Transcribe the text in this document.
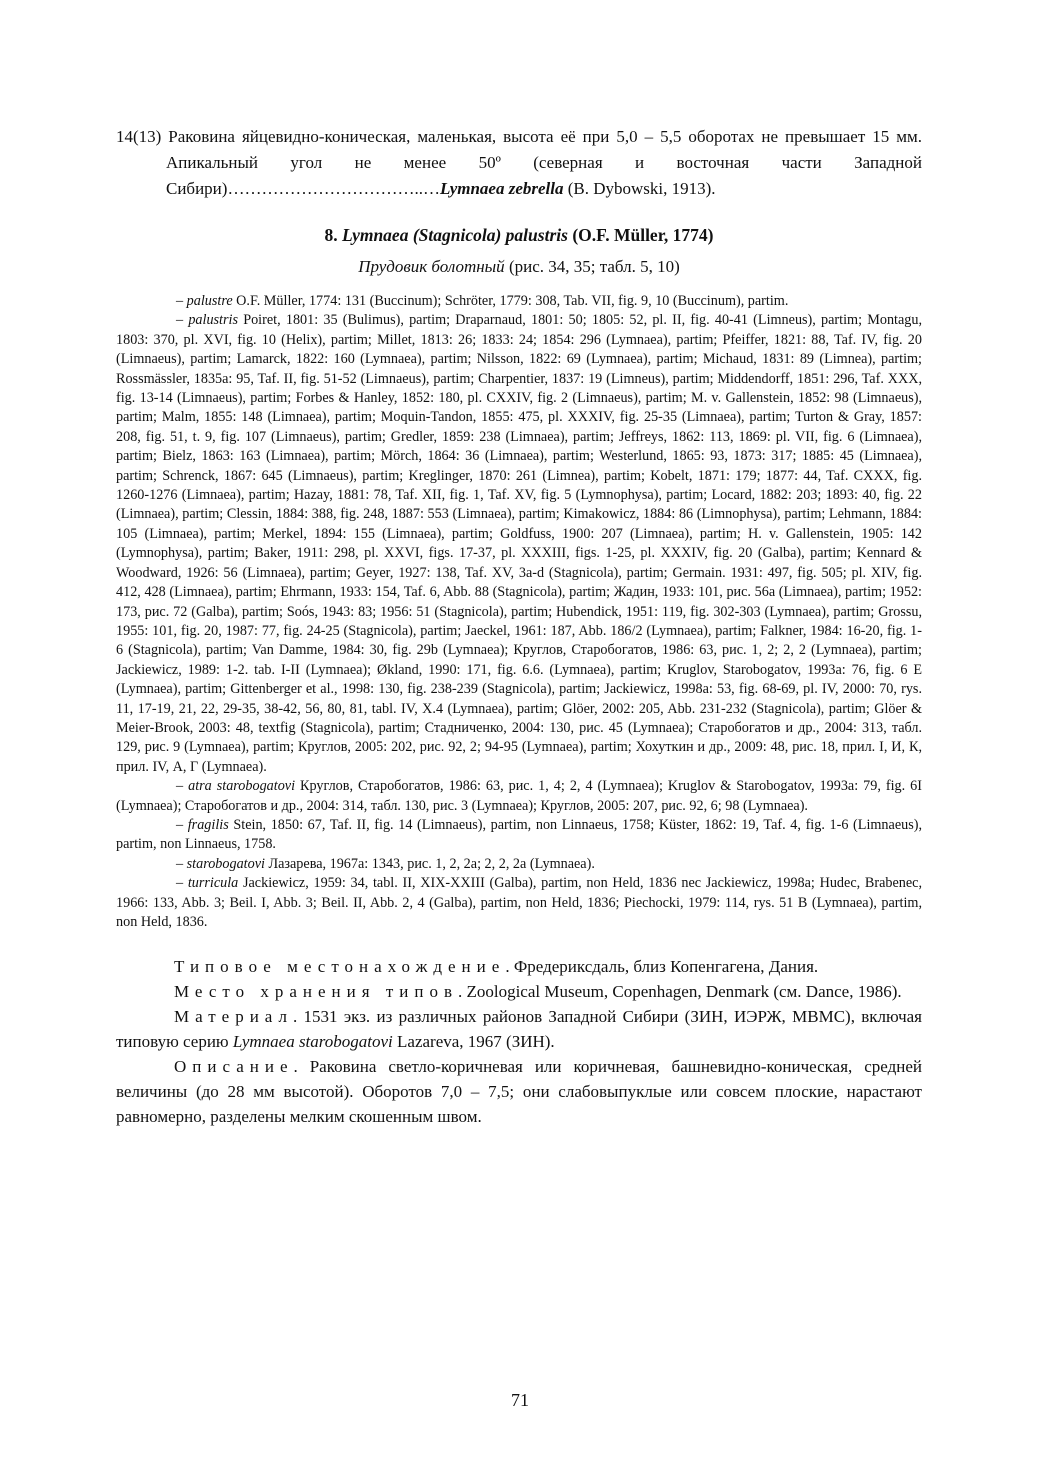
14(13) Раковина яйцевидно-коническая, маленькая, высота её при 5,0 – 5,5 оборотах не превышает 15 мм. Апикальный угол не менее 50º (северная и восточная части Западной Сибири)……………………………..…Lymnaea zebrella (B. Dybowski, 1913).

8. Lymnaea (Stagnicola) palustris (O.F. Müller, 1774)
Прудовик болотный (рис. 34, 35; табл. 5, 10)

– palustre O.F. Müller, 1774: 131 (Buccinum); Schröter, 1779: 308, Tab. VII, fig. 9, 10 (Buccinum), partim.

– palustris Poiret, 1801: 35 (Bulimus), partim; Draparnaud, 1801: 50; 1805: 52, pl. II, fig. 40-41 (Limneus), partim; Montagu, 1803: 370, pl. XVI, fig. 10 (Helix), partim; Millet, 1813: 26; 1833: 24; 1854: 296 (Lymnaea), partim; Pfeiffer, 1821: 88, Taf. IV, fig. 20 (Limnaeus), partim; Lamarck, 1822: 160 (Lymnaea), partim; Nilsson, 1822: 69 (Lymnaea), partim; Michaud, 1831: 89 (Limnea), partim; Rossmässler, 1835a: 95, Taf. II, fig. 51-52 (Limnaeus), partim; Charpentier, 1837: 19 (Limneus), partim; Middendorff, 1851: 296, Taf. XXX, fig. 13-14 (Limnaeus), partim; Forbes & Hanley, 1852: 180, pl. CXXIV, fig. 2 (Limnaeus), partim; M. v. Gallenstein, 1852: 98 (Limnaeus), partim; Malm, 1855: 148 (Limnaea), partim; Moquin-Tandon, 1855: 475, pl. XXXIV, fig. 25-35 (Limnaea), partim; Turton & Gray, 1857: 208, fig. 51, t. 9, fig. 107 (Limnaeus), partim; Gredler, 1859: 238 (Limnaea), partim; Jeffreys, 1862: 113, 1869: pl. VII, fig. 6 (Limnaea), partim; Bielz, 1863: 163 (Limnaea), partim; Mörch, 1864: 36 (Limnaea), partim; Westerlund, 1865: 93, 1873: 317; 1885: 45 (Limnaea), partim; Schrenck, 1867: 645 (Limnaeus), partim; Kreglinger, 1870: 261 (Limnea), partim; Kobelt, 1871: 179; 1877: 44, Taf. CXXX, fig. 1260-1276 (Limnaea), partim; Hazay, 1881: 78, Taf. XII, fig. 1, Taf. XV, fig. 5 (Lymnophysa), partim; Locard, 1882: 203; 1893: 40, fig. 22 (Limnaea), partim; Clessin, 1884: 388, fig. 248, 1887: 553 (Limnaea), partim; Kimakowicz, 1884: 86 (Limnophysa), partim; Lehmann, 1884: 105 (Limnaea), partim; Merkel, 1894: 155 (Limnaea), partim; Goldfuss, 1900: 207 (Limnaea), partim; H. v. Gallenstein, 1905: 142 (Lymnophysa), partim; Baker, 1911: 298, pl. XXVI, figs. 17-37, pl. XXXIII, figs. 1-25, pl. XXXIV, fig. 20 (Galba), partim; Kennard & Woodward, 1926: 56 (Limnaea), partim; Geyer, 1927: 138, Taf. XV, 3a-d (Stagnicola), partim; Germain. 1931: 497, fig. 505; pl. XIV, fig. 412, 428 (Limnaea), partim; Ehrmann, 1933: 154, Taf. 6, Abb. 88 (Stagnicola), partim; Жадин, 1933: 101, рис. 56а (Limnaea), partim; 1952: 173, рис. 72 (Galba), partim; Soós, 1943: 83; 1956: 51 (Stagnicola), partim; Hubendick, 1951: 119, fig. 302-303 (Lymnaea), partim; Grossu, 1955: 101, fig. 20, 1987: 77, fig. 24-25 (Stagnicola), partim; Jaeckel, 1961: 187, Abb. 186/2 (Lymnaea), partim; Falkner, 1984: 16-20, fig. 1-6 (Stagnicola), partim; Van Damme, 1984: 30, fig. 29b (Lymnaea); Круглов, Старобогатов, 1986: 63, рис. 1, 2; 2, 2 (Lymnaea), partim; Jackiewicz, 1989: 1-2. tab. I-II (Lymnaea); Økland, 1990: 171, fig. 6.6. (Lymnaea), partim; Kruglov, Starobogatov, 1993a: 76, fig. 6 E (Lymnaea), partim; Gittenberger et al., 1998: 130, fig. 238-239 (Stagnicola), partim; Jackiewicz, 1998a: 53, fig. 68-69, pl. IV, 2000: 70, rys. 11, 17-19, 21, 22, 29-35, 38-42, 56, 80, 81, tabl. IV, X.4 (Lymnaea), partim; Glöer, 2002: 205, Abb. 231-232 (Stagnicola), partim; Glöer & Meier-Brook, 2003: 48, textfig (Stagnicola), partim; Стадниченко, 2004: 130, рис. 45 (Lymnaea); Старобогатов и др., 2004: 313, табл. 129, рис. 9 (Lymnaea), partim; Круглов, 2005: 202, рис. 92, 2; 94-95 (Lymnaea), partim; Хохуткин и др., 2009: 48, рис. 18, прил. I, И, К, прил. IV, А, Г (Lymnaea).

– atra starobogatovi Круглов, Старобогатов, 1986: 63, рис. 1, 4; 2, 4 (Lymnaea); Kruglov & Starobogatov, 1993a: 79, fig. 6I (Lymnaea); Старобогатов и др., 2004: 314, табл. 130, рис. 3 (Lymnaea); Круглов, 2005: 207, рис. 92, 6; 98 (Lymnaea).

– fragilis Stein, 1850: 67, Taf. II, fig. 14 (Limnaeus), partim, non Linnaeus, 1758; Küster, 1862: 19, Taf. 4, fig. 1-6 (Limnaeus), partim, non Linnaeus, 1758.

– starobogatovi Лазарева, 1967a: 1343, рис. 1, 2, 2a; 2, 2, 2a (Lymnaea).

– turricula Jackiewicz, 1959: 34, tabl. II, XIX-XXIII (Galba), partim, non Held, 1836 nec Jackiewicz, 1998a; Hudec, Brabenec, 1966: 133, Abb. 3; Beil. I, Abb. 3; Beil. II, Abb. 2, 4 (Galba), partim, non Held, 1836; Piechocki, 1979: 114, rys. 51 B (Lymnaea), partim, non Held, 1836.

Типовое местонахождение. Фредериксдаль, близ Копенгагена, Дания.

Место хранения типов. Zoological Museum, Copenhagen, Denmark (см. Dance, 1986).

Материал. 1531 экз. из различных районов Западной Сибири (ЗИН, ИЭРЖ, МВМС), включая типовую серию Lymnaea starobogatovi Lazareva, 1967 (ЗИН).

Описание. Раковина светло-коричневая или коричневая, башневидно-коническая, средней величины (до 28 мм высотой). Оборотов 7,0 – 7,5; они слабовыпуклые или совсем плоские, нарастают равномерно, разделены мелким скошенным швом.

71
